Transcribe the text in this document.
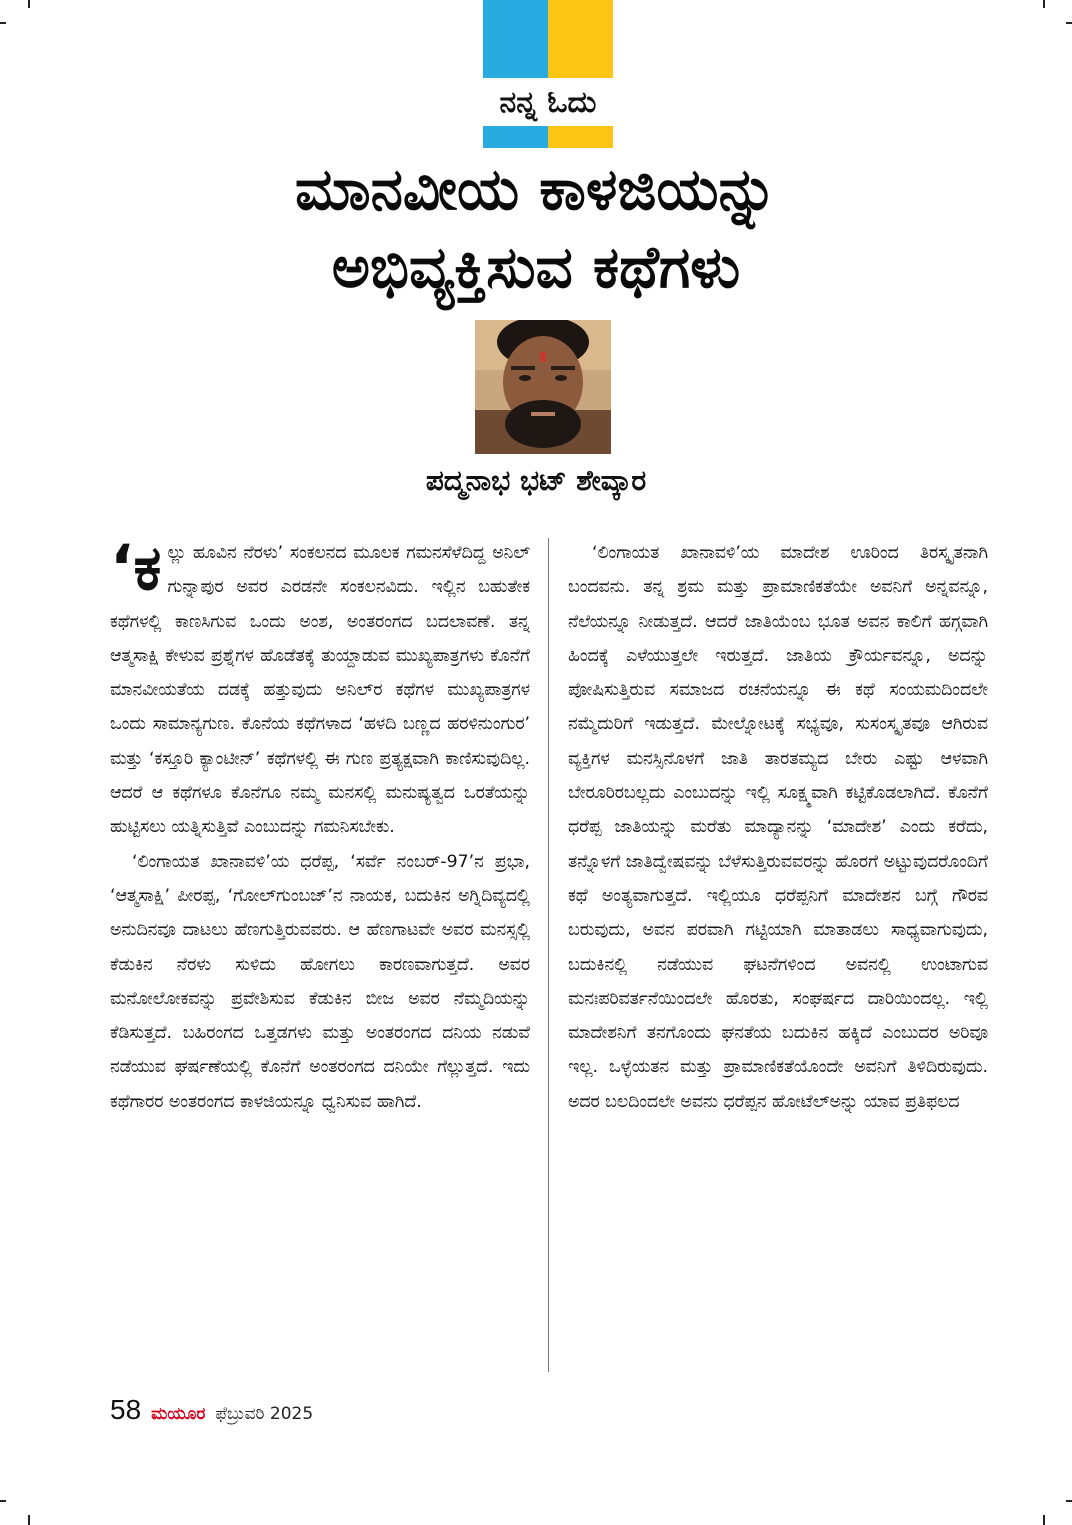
ನನ್ನ ಓದು
ಮಾನವೀಯ ಕಾಳಜಿಯನ್ನು
ಅಭಿವ್ಯಕ್ತಿಸುವ ಕಥೆಗಳು
ಪದ್ಮನಾಭ ಭಟ್ ಶೇವ್ಕಾರ

‘ಕಲ್ಲು ಹೂವಿನ ನೆರಳು’ ಸಂಕಲನದ ಮೂಲಕ ಗಮನಸೆಳೆದಿದ್ದ ಅನಿಲ್ ಗುನ್ನಾಪುರ ಅವರ ಎರಡನೇ ಸಂಕಲನವಿದು. ಇಲ್ಲಿನ ಬಹುತೇಕ ಕಥೆಗಳಲ್ಲಿ ಕಾಣಸಿಗುವ ಒಂದು ಅಂಶ, ಅಂತರಂಗದ ಬದಲಾವಣೆ. ತನ್ನ ಆತ್ಮಸಾಕ್ಷಿ ಕೇಳುವ ಪ್ರಶ್ನೆಗಳ ಹೊಡೆತಕ್ಕೆ ತುಯ್ದಾಡುವ ಮುಖ್ಯಪಾತ್ರಗಳು ಕೊನೆಗೆ ಮಾನವೀಯತೆಯ ದಡಕ್ಕೆ ಹತ್ತುವುದು ಅನಿಲ್‌ರ ಕಥೆಗಳ ಮುಖ್ಯಪಾತ್ರಗಳ ಒಂದು ಸಾಮಾನ್ಯಗುಣ. ಕೊನೆಯ ಕಥೆಗಳಾದ ‘ಹಳದಿ ಬಣ್ಣದ ಹರಳಿನುಂಗುರ’ ಮತ್ತು ‘ಕಸ್ತೂರಿ ಕ್ಯಾಂಟೀನ್’ ಕಥೆಗಳಲ್ಲಿ ಈ ಗುಣ ಪ್ರತ್ಯಕ್ಷವಾಗಿ ಕಾಣಿಸುವುದಿಲ್ಲ. ಆದರೆ ಆ ಕಥೆಗಳೂ ಕೊನೆಗೂ ನಮ್ಮ ಮನಸಲ್ಲಿ ಮನುಷ್ಯತ್ವದ ಒರತೆಯನ್ನು ಹುಟ್ಟಿಸಲು ಯತ್ನಿಸುತ್ತಿವೆ ಎಂಬುದನ್ನು ಗಮನಿಸಬೇಕು.

‘ಲಿಂಗಾಯತ ಖಾನಾವಳಿ’ಯ ಧರೆಪ್ಪ, ‘ಸರ್ವೆ ನಂಬರ್-97’ನ ಪ್ರಭಾ, ‘ಆತ್ಮಸಾಕ್ಷಿ’ ಪೀರಪ್ಪ, ‘ಗೋಲ್‌ಗುಂಬಜ್’ನ ನಾಯಕ, ಬದುಕಿನ ಅಗ್ನಿದಿವ್ಯದಲ್ಲಿ ಅನುದಿನವೂ ದಾಟಲು ಹೆಣಗುತ್ತಿರುವವರು. ಆ ಹೆಣಗಾಟವೇ ಅವರ ಮನಸ್ಸಲ್ಲಿ ಕೆಡುಕಿನ ನೆರಳು ಸುಳಿದು ಹೋಗಲು ಕಾರಣವಾಗುತ್ತದೆ. ಅವರ ಮನೋಲೋಕವನ್ನು ಪ್ರವೇಶಿಸುವ ಕೆಡುಕಿನ ಬೀಜ ಅವರ ನೆಮ್ಮದಿಯನ್ನು ಕೆಡಿಸುತ್ತದೆ. ಬಹಿರಂಗದ ಒತ್ತಡಗಳು ಮತ್ತು ಅಂತರಂಗದ ದನಿಯ ನಡುವೆ ನಡೆಯುವ ಘರ್ಷಣೆಯಲ್ಲಿ ಕೊನೆಗೆ ಅಂತರಂಗದ ದನಿಯೇ ಗೆಲ್ಲುತ್ತದೆ. ಇದು ಕಥೆಗಾರರ ಅಂತರಂಗದ ಕಾಳಜಿಯನ್ನೂ ಧ್ವನಿಸುವ ಹಾಗಿದೆ.

‘ಲಿಂಗಾಯತ ಖಾನಾವಳಿ’ಯ ಮಾದೇಶ ಊರಿಂದ ತಿರಸ್ಕೃತನಾಗಿ ಬಂದವನು. ತನ್ನ ಶ್ರಮ ಮತ್ತು ಪ್ರಾಮಾಣಿಕತೆಯೇ ಅವನಿಗೆ ಅನ್ನವನ್ನೂ, ನೆಲೆಯನ್ನೂ ನೀಡುತ್ತದೆ. ಆದರೆ ಜಾತಿಯೆಂಬ ಭೂತ ಅವನ ಕಾಲಿಗೆ ಹಗ್ಗವಾಗಿ ಹಿಂದಕ್ಕೆ ಎಳೆಯುತ್ತಲೇ ಇರುತ್ತದೆ. ಜಾತಿಯ ಕ್ರೌರ್ಯವನ್ನೂ, ಅದನ್ನು ಪೋಷಿಸುತ್ತಿರುವ ಸಮಾಜದ ರಚನೆಯನ್ನೂ ಈ ಕಥೆ ಸಂಯಮದಿಂದಲೇ ನಮ್ಮೆದುರಿಗೆ ಇಡುತ್ತದೆ. ಮೇಲ್ನೋಟಕ್ಕೆ ಸಭ್ಯವೂ, ಸುಸಂಸ್ಕೃತವೂ ಆಗಿರುವ ವ್ಯಕ್ತಿಗಳ ಮನಸ್ಸಿನೊಳಗೆ ಜಾತಿ ತಾರತಮ್ಯದ ಬೇರು ಎಷ್ಟು ಆಳವಾಗಿ ಬೇರೂರಿರಬಲ್ಲದು ಎಂಬುದನ್ನು ಇಲ್ಲಿ ಸೂಕ್ಷ್ಮವಾಗಿ ಕಟ್ಟಿಕೊಡಲಾಗಿದೆ. ಕೊನೆಗೆ ಧರೆಪ್ಪ ಜಾತಿಯನ್ನು ಮರೆತು ಮಾದ್ಯಾನನ್ನು ‘ಮಾದೇಶ’ ಎಂದು ಕರೆದು, ತನ್ನೊಳಗೆ ಜಾತಿದ್ವೇಷವನ್ನು ಬೆಳೆಸುತ್ತಿರುವವರನ್ನು ಹೊರಗೆ ಅಟ್ಟುವುದರೊಂದಿಗೆ ಕಥೆ ಅಂತ್ಯವಾಗುತ್ತದೆ. ಇಲ್ಲಿಯೂ ಧರೆಪ್ಪನಿಗೆ ಮಾದೇಶನ ಬಗ್ಗೆ ಗೌರವ ಬರುವುದು, ಅವನ ಪರವಾಗಿ ಗಟ್ಟಿಯಾಗಿ ಮಾತಾಡಲು ಸಾಧ್ಯವಾಗುವುದು, ಬದುಕಿನಲ್ಲಿ ನಡೆಯುವ ಘಟನೆಗಳಿಂದ ಅವನಲ್ಲಿ ಉಂಟಾಗುವ ಮನಃಪರಿವರ್ತನೆಯಿಂದಲೇ ಹೊರತು, ಸಂಘರ್ಷದ ದಾರಿಯಿಂದಲ್ಲ. ಇಲ್ಲಿ ಮಾದೇಶನಿಗೆ ತನಗೊಂದು ಘನತೆಯ ಬದುಕಿನ ಹಕ್ಕಿದೆ ಎಂಬುದರ ಅರಿವೂ ಇಲ್ಲ. ಒಳ್ಳೆಯತನ ಮತ್ತು ಪ್ರಾಮಾಣಿಕತೆಯೊಂದೇ ಅವನಿಗೆ ತಿಳಿದಿರುವುದು. ಅದರ ಬಲದಿಂದಲೇ ಅವನು ಧರೆಪ್ಪನ ಹೋಟೆಲ್‌ಅನ್ನು ಯಾವ ಪ್ರತಿಫಲದ

58 ಮಯೂರ ಫೆಬ್ರುವರಿ 2025
